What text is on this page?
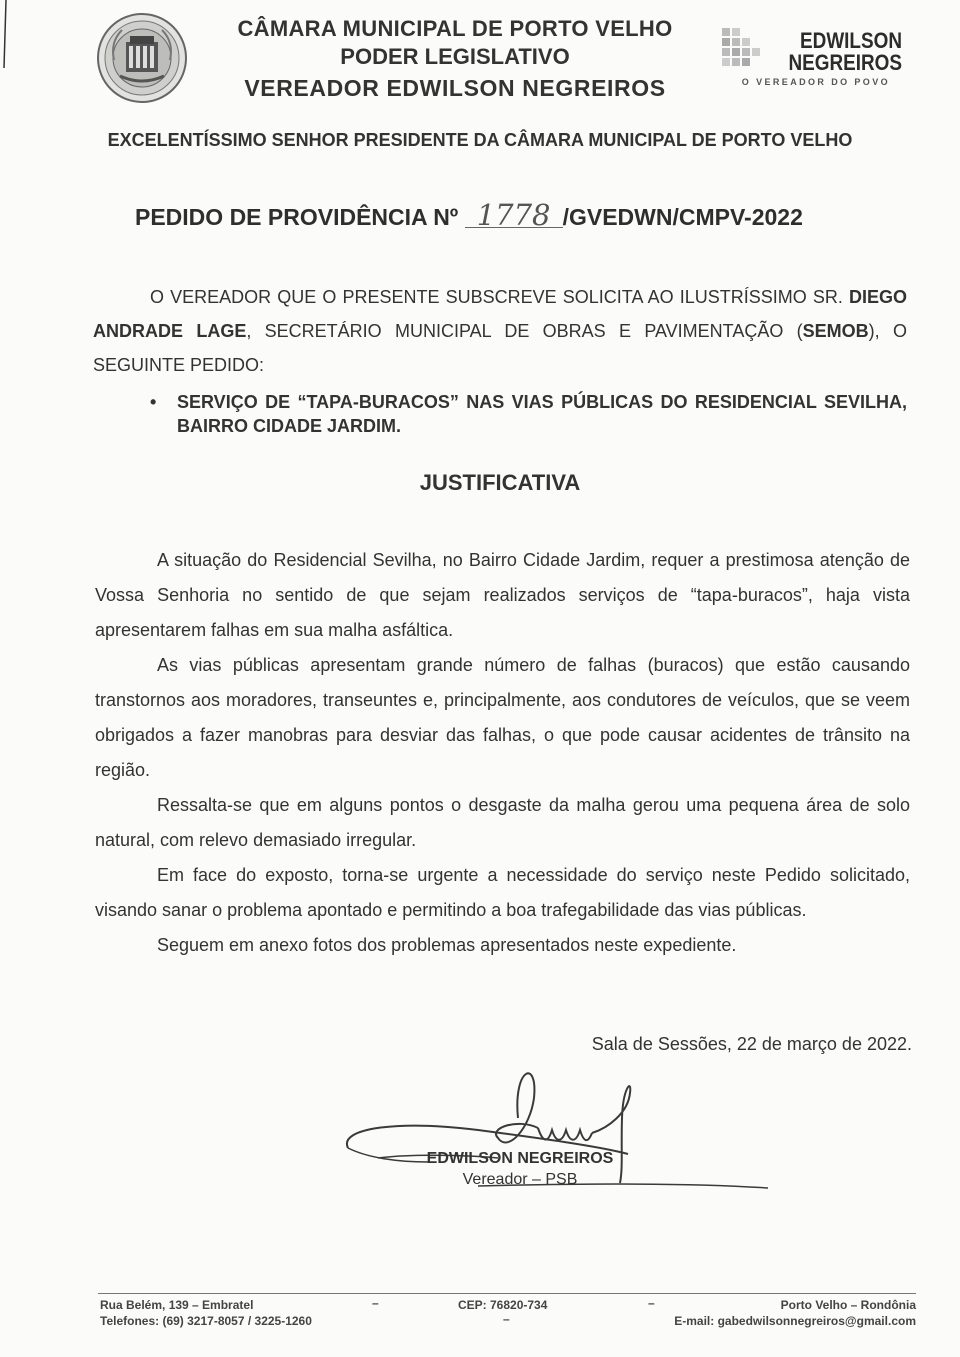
CÂMARA MUNICIPAL DE PORTO VELHO
PODER LEGISLATIVO
VEREADOR EDWILSON NEGREIROS
EDWILSON
NEGREIROS
O VEREADOR DO POVO
EXCELENTÍSSIMO SENHOR PRESIDENTE DA CÂMARA MUNICIPAL DE PORTO VELHO
PEDIDO DE PROVIDÊNCIA Nº 1778 /GVEDWN/CMPV-2022
O VEREADOR QUE O PRESENTE SUBSCREVE SOLICITA AO ILUSTRÍSSIMO SR. DIEGO ANDRADE LAGE, SECRETÁRIO MUNICIPAL DE OBRAS E PAVIMENTAÇÃO (SEMOB), O SEGUINTE PEDIDO:
•	SERVIÇO DE “TAPA-BURACOS” NAS VIAS PÚBLICAS DO RESIDENCIAL SEVILHA, BAIRRO CIDADE JARDIM.
JUSTIFICATIVA

A situação do Residencial Sevilha, no Bairro Cidade Jardim, requer a prestimosa atenção de Vossa Senhoria no sentido de que sejam realizados serviços de “tapa-buracos”, haja vista apresentarem falhas em sua malha asfáltica.

As vias públicas apresentam grande número de falhas (buracos) que estão causando transtornos aos moradores, transeuntes e, principalmente, aos condutores de veículos, que se veem obrigados a fazer manobras para desviar das falhas, o que pode causar acidentes de trânsito na região.

Ressalta-se que em alguns pontos o desgaste da malha gerou uma pequena área de solo natural, com relevo demasiado irregular.

Em face do exposto, torna-se urgente a necessidade do serviço neste Pedido solicitado, visando sanar o problema apontado e permitindo a boa trafegabilidade das vias públicas.

Seguem em anexo fotos dos problemas apresentados neste expediente.

Sala de Sessões, 22 de março de 2022.
EDWILSON NEGREIROS
Vereador – PSB
Rua Belém, 139 – Embratel
Telefones: (69) 3217-8057 / 3225-1260
–	CEP: 76820-734
–
–	Porto Velho – Rondônia
E-mail: gabedwilsonnegreiros@gmail.com
